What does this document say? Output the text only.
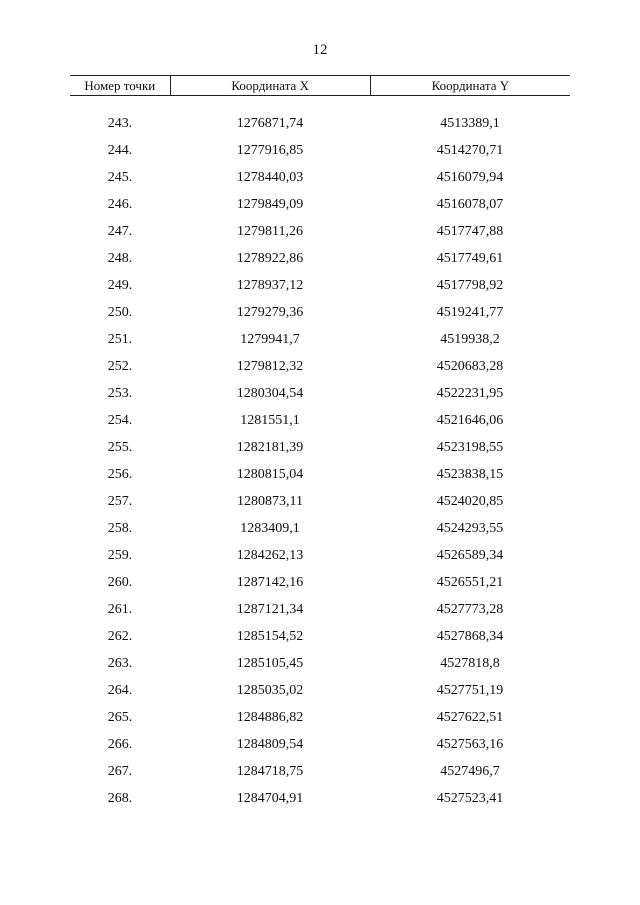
12
Номер точки	Координата X	Координата Y
243.	1276871,74	4513389,1
244.	1277916,85	4514270,71
245.	1278440,03	4516079,94
246.	1279849,09	4516078,07
247.	1279811,26	4517747,88
248.	1278922,86	4517749,61
249.	1278937,12	4517798,92
250.	1279279,36	4519241,77
251.	1279941,7	4519938,2
252.	1279812,32	4520683,28
253.	1280304,54	4522231,95
254.	1281551,1	4521646,06
255.	1282181,39	4523198,55
256.	1280815,04	4523838,15
257.	1280873,11	4524020,85
258.	1283409,1	4524293,55
259.	1284262,13	4526589,34
260.	1287142,16	4526551,21
261.	1287121,34	4527773,28
262.	1285154,52	4527868,34
263.	1285105,45	4527818,8
264.	1285035,02	4527751,19
265.	1284886,82	4527622,51
266.	1284809,54	4527563,16
267.	1284718,75	4527496,7
268.	1284704,91	4527523,41
